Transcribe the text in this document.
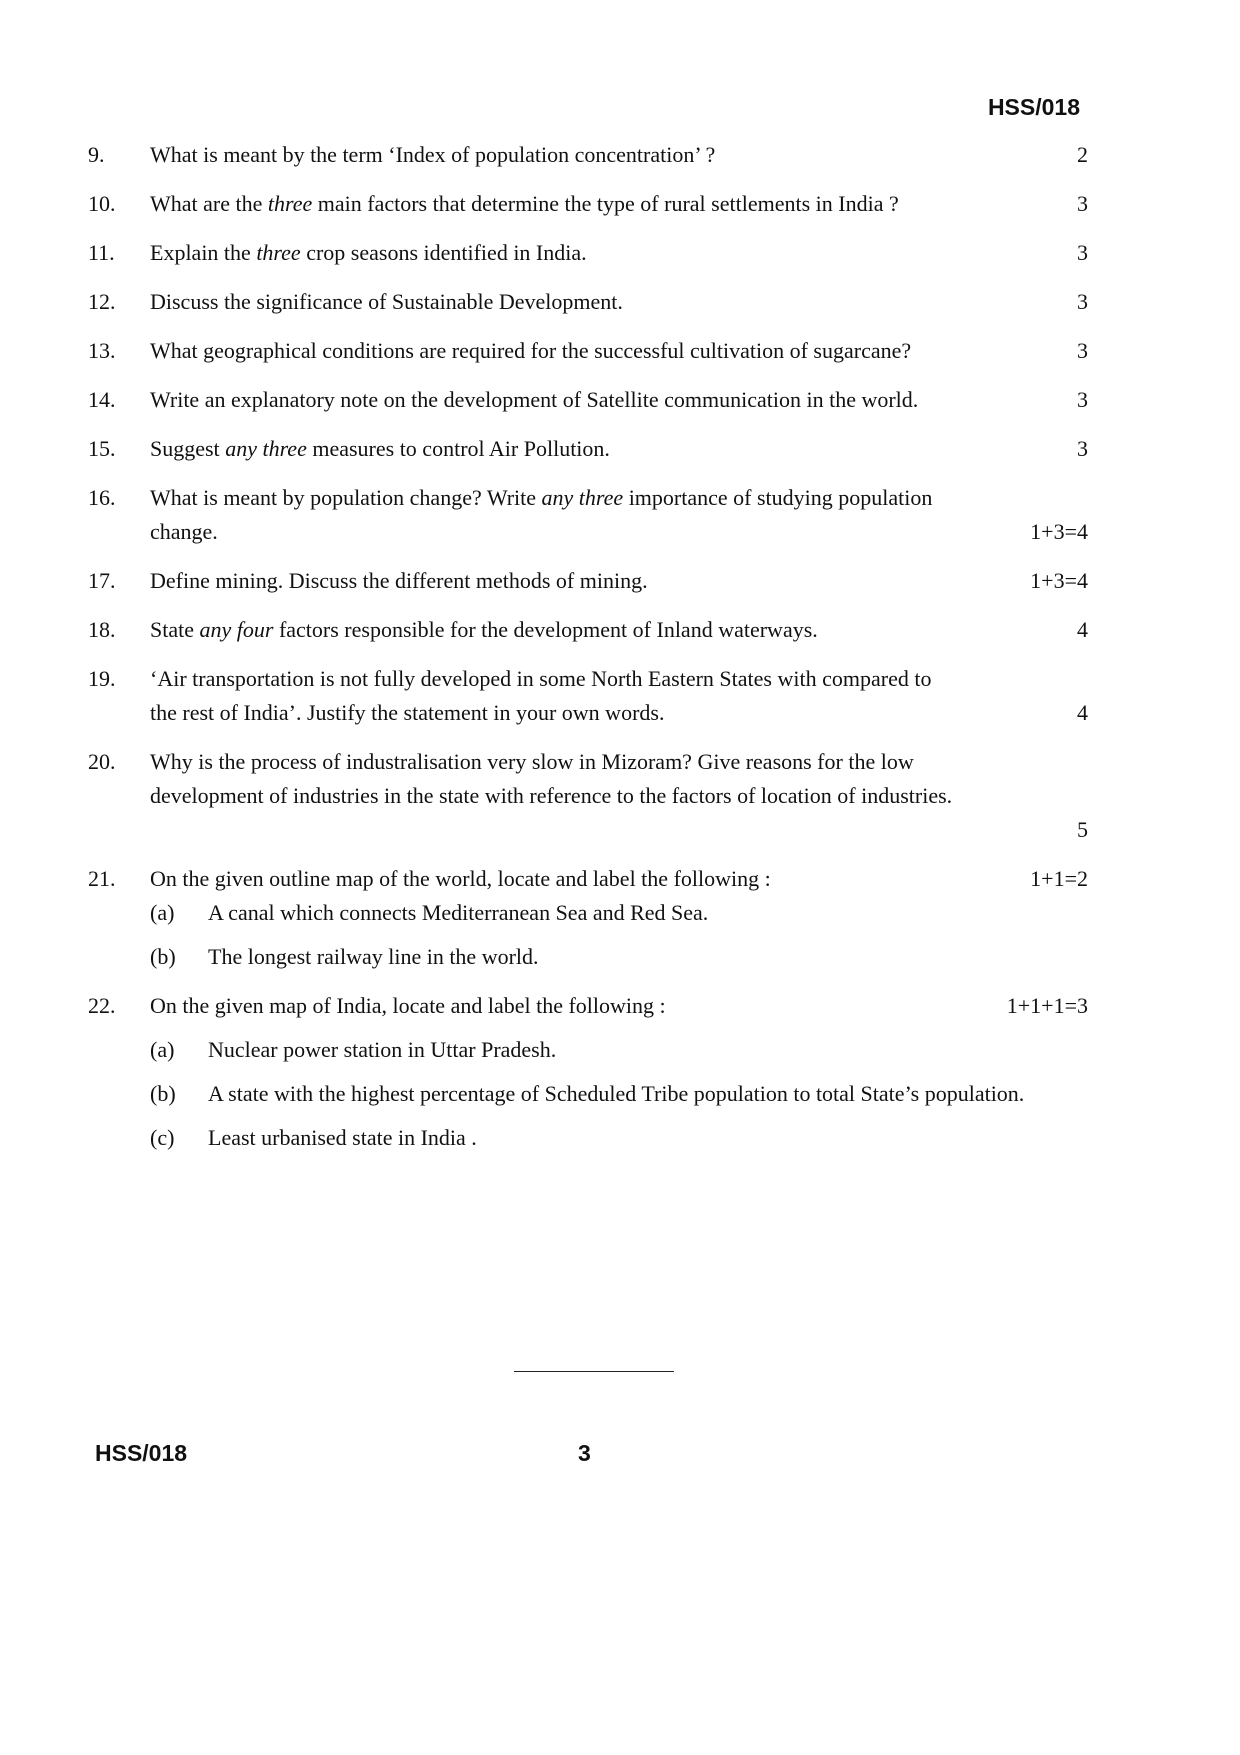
HSS/018
9.	What is meant by the term ‘Index of population concentration’ ?	2
10.	What are the three main factors that determine the type of rural settlements in India ?	3
11.	Explain the three crop seasons identified in India.	3
12.	Discuss the significance of Sustainable Development.	3
13.	What geographical conditions are required for the successful cultivation of sugarcane?	3
14.	Write an explanatory note on the development of Satellite communication in the world.	3
15.	Suggest any three measures to control Air Pollution.	3
16.	What is meant by population change? Write any three importance of studying population
change.	1+3=4
17.	Define mining. Discuss the different methods of mining.	1+3=4
18.	State any four factors responsible for the development of Inland waterways.	4
19.	‘Air transportation is not fully developed in some North Eastern States with compared to
the rest of India’. Justify the statement in your own words.	4
20.	Why is the process of industralisation very slow in Mizoram? Give reasons for the low
development of industries in the state with reference to the factors of location of industries.
5
21.	On the given outline map of the world, locate and label the following :	1+1=2
(a)	A canal which connects Mediterranean Sea and Red Sea.
(b)	The longest railway line in the world.
22.	On the given map of India, locate and label the following :	1+1+1=3
(a)	Nuclear power station in Uttar Pradesh.
(b)	A state with the highest percentage of Scheduled Tribe population to total State’s population.
(c)	Least urbanised state in India .
HSS/018	3
